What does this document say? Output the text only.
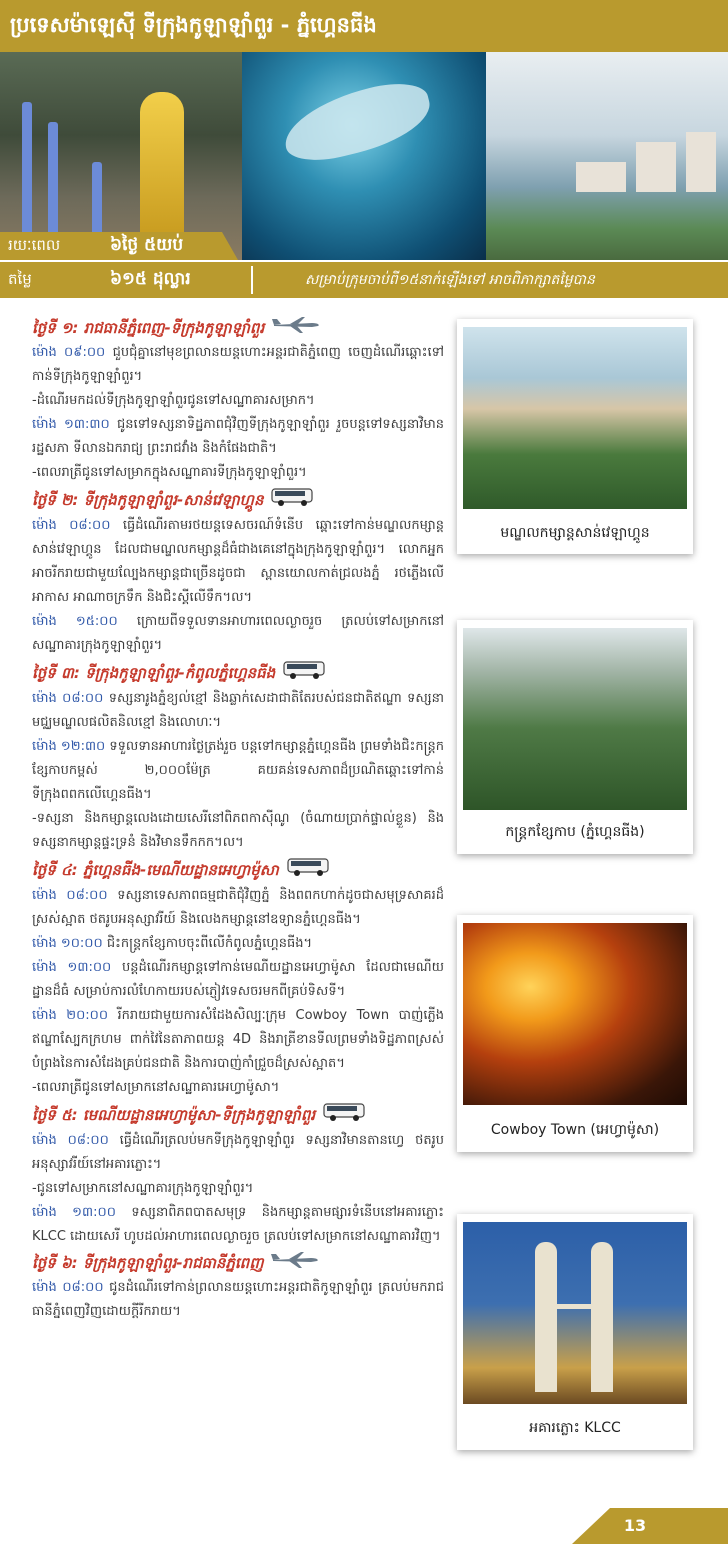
ប្រទេសម៉ាឡេស៊ី ទីក្រុងកូឡាឡាំពួរ - ភ្នំហ្គេនធីង
រយៈពេល	៦ថ្ងៃ ៥យប់
តម្លៃ	៦១៥ ដុល្លារ	សម្រាប់ក្រុមចាប់ពី១៥នាក់ឡើងទៅ អាចពិភាក្សាតម្លៃបាន
ថ្ងៃទី ១: រាជធានីភ្នំពេញ-ទីក្រុងកូឡាឡាំពួរ

ម៉ោង ០៩:០០ ជួបជុំគ្នានៅមុខព្រលានយន្តហោះអន្តរជាតិភ្នំពេញ ចេញដំណើរឆ្ពោះទៅកាន់ទីក្រុងកូឡាឡាំពួរ។

-ដំណើរមកដល់ទីក្រុងកូឡាឡាំពួរជូនទៅសណ្ឋាគារសម្រាក។

ម៉ោង ១៣:៣០ ជូនទៅទស្សនាទិដ្ឋភាពជុំវិញទីក្រុងកូឡាឡាំពួរ រួចបន្តទៅទស្សនាវិមានរដ្ឋសភា ទីលានឯករាជ្យ ព្រះរាជវាំង និងកំផែងជាតិ។

-ពេលរាត្រីជូនទៅសម្រាកក្នុងសណ្ឋាគារទីក្រុងកូឡាឡាំពួរ។

ថ្ងៃទី ២: ទីក្រុងកូឡាឡាំពួរ-សាន់វេឡាហ្គូន

ម៉ោង ០៨:០០ ធ្វើដំណើរតាមរថយន្តទេសចរណ៍ទំនើប ឆ្ពោះទៅកាន់មណ្ឌលកម្សាន្តសាន់វេឡាហ្គូន ដែលជាមណ្ឌលកម្សាន្តដ៏ធំជាងគេនៅក្នុងក្រុងកូឡាឡាំពួរ។ លោកអ្នកអាចរីករាយជាមួយល្បែងកម្សាន្តជាច្រើនដូចជា ស្ពានយោលកាត់ជ្រលងភ្នំ រថភ្លើងលើអាកាស អាណាចក្រទឹក និងជិះស្គីលើទឹក។ល។

ម៉ោង ១៥:០០ ក្រោយពីទទួលទានអាហារពេលល្ងាចរួច ត្រលប់ទៅសម្រាកនៅសណ្ឋាគារក្រុងកូឡាឡាំពួរ។

ថ្ងៃទី ៣: ទីក្រុងកូឡាឡាំពួរ-កំពូលភ្នំហ្គេនធីង

ម៉ោង ០៨:០០ ទស្សនារូងភ្នំខ្យល់ខ្មៅ និងឆ្លាក់សេដាជាតិតែរបស់ជនជាតិឥណ្ឌា ទស្សនាមជ្ឈមណ្ឌលផលិតនិលខ្មៅ និងលោហៈ។

ម៉ោង ១២:៣០ ទទួលទានអាហារថ្ងៃត្រង់រួច បន្តទៅកម្សាន្តភ្នំហ្គេនធីង ព្រមទាំងជិះកន្ត្រកខ្សែកាបកម្ពស់ ២,០០០ម៉ែត្រ គយគន់ទេសភាពដ៏ប្រណិតឆ្ពោះទៅកាន់ទីក្រុងពពកលើហ្គេនធីង។

-ទស្សនា និងកម្សាន្តលេងដោយសេរីនៅពិភពកាស៊ីណូ (ចំណាយប្រាក់ផ្ទាល់ខ្លួន) និងទស្សនាកម្សាន្តផ្ទះទ្រនំ និងវិមានទឹកកក។ល។

ថ្ងៃទី ៤: ភ្នំហ្គេនធីង-មេណីយដ្ឋានអេហ្វាម៉ូសា

ម៉ោង ០៨:០០ ទស្សនាទេសភាពធម្មជាតិជុំវិញភ្នំ និងពពកហាក់ដូចជាសមុទ្រសាគរដ៏ស្រស់ស្អាត ថតរូបអនុស្សាវរីយ៍ និងលេងកម្សាន្តនៅឧទ្យានភ្នំហ្គេនធីង។

ម៉ោង ១០:០០ ជិះកន្ត្រកខ្សែកាបចុះពីលើកំពូលភ្នំហ្គេនធីង។

ម៉ោង ១៣:០០ បន្តដំណើរកម្សាន្តទៅកាន់មេណីយដ្ឋានអេហ្វាម៉ូសា ដែលជាមេណីយដ្ឋានដ៏ធំ សម្រាប់ការលំហែកាយរបស់ភ្ញៀវទេសចរមកពីគ្រប់ទិសទី។

ម៉ោង ២០:០០ រីករាយជាមួយការសំដែងសិល្បៈក្រុម Cowboy Town បាញ់ភ្លើងឥណ្ឌាស្បែកក្រហម ពាក់វៃនៃតាភាពយន្ត 4D និងរាត្រីខានទីលព្រមទាំងទិដ្ឋភាពស្រស់បំព្រងនៃការសំដែងគ្រប់ជនជាតិ និងការបាញ់កាំជ្រួចដ៏ស្រស់ស្អាត។

-ពេលរាត្រីជូនទៅសម្រាកនៅសណ្ឋាគារអេហ្វាម៉ូសា។

ថ្ងៃទី ៥: មេណីយដ្ឋានអេហ្វាម៉ូសា-ទីក្រុងកូឡាឡាំពួរ

ម៉ោង ០៨:០០ ធ្វើដំណើរត្រលប់មកទីក្រុងកូឡាឡាំពួរ ទស្សនាវិមានតានហ្វេ ថតរូបអនុស្សាវរីយ៍នៅអគារភ្លោះ។

-ជូនទៅសម្រាកនៅសណ្ឋាគារក្រុងកូឡាឡាំពួរ។

ម៉ោង ១៣:០០ ទស្សនាពិភពបាតសមុទ្រ និងកម្សាន្តតាមផ្សារទំនើបនៅអគារភ្លោះ KLCC ដោយសេរី ហូបដល់អាហារពេលល្ងាចរួច ត្រលប់ទៅសម្រាកនៅសណ្ឋាគារវិញ។

ថ្ងៃទី ៦: ទីក្រុងកូឡាឡាំពួរ-រាជធានីភ្នំពេញ

ម៉ោង ០៨:០០ ជូនដំណើរទៅកាន់ព្រលានយន្តហោះអន្តរជាតិកូឡាឡាំពួរ ត្រលប់មករាជធានីភ្នំពេញវិញដោយក្តីរីករាយ។

មណ្ឌលកម្សាន្តសាន់វេឡាហ្គូន
កន្ត្រកខ្សែកាប (ភ្នំហ្គេនធីង)
Cowboy Town (អេហ្វាម៉ូសា)
អគារភ្លោះ KLCC
13
